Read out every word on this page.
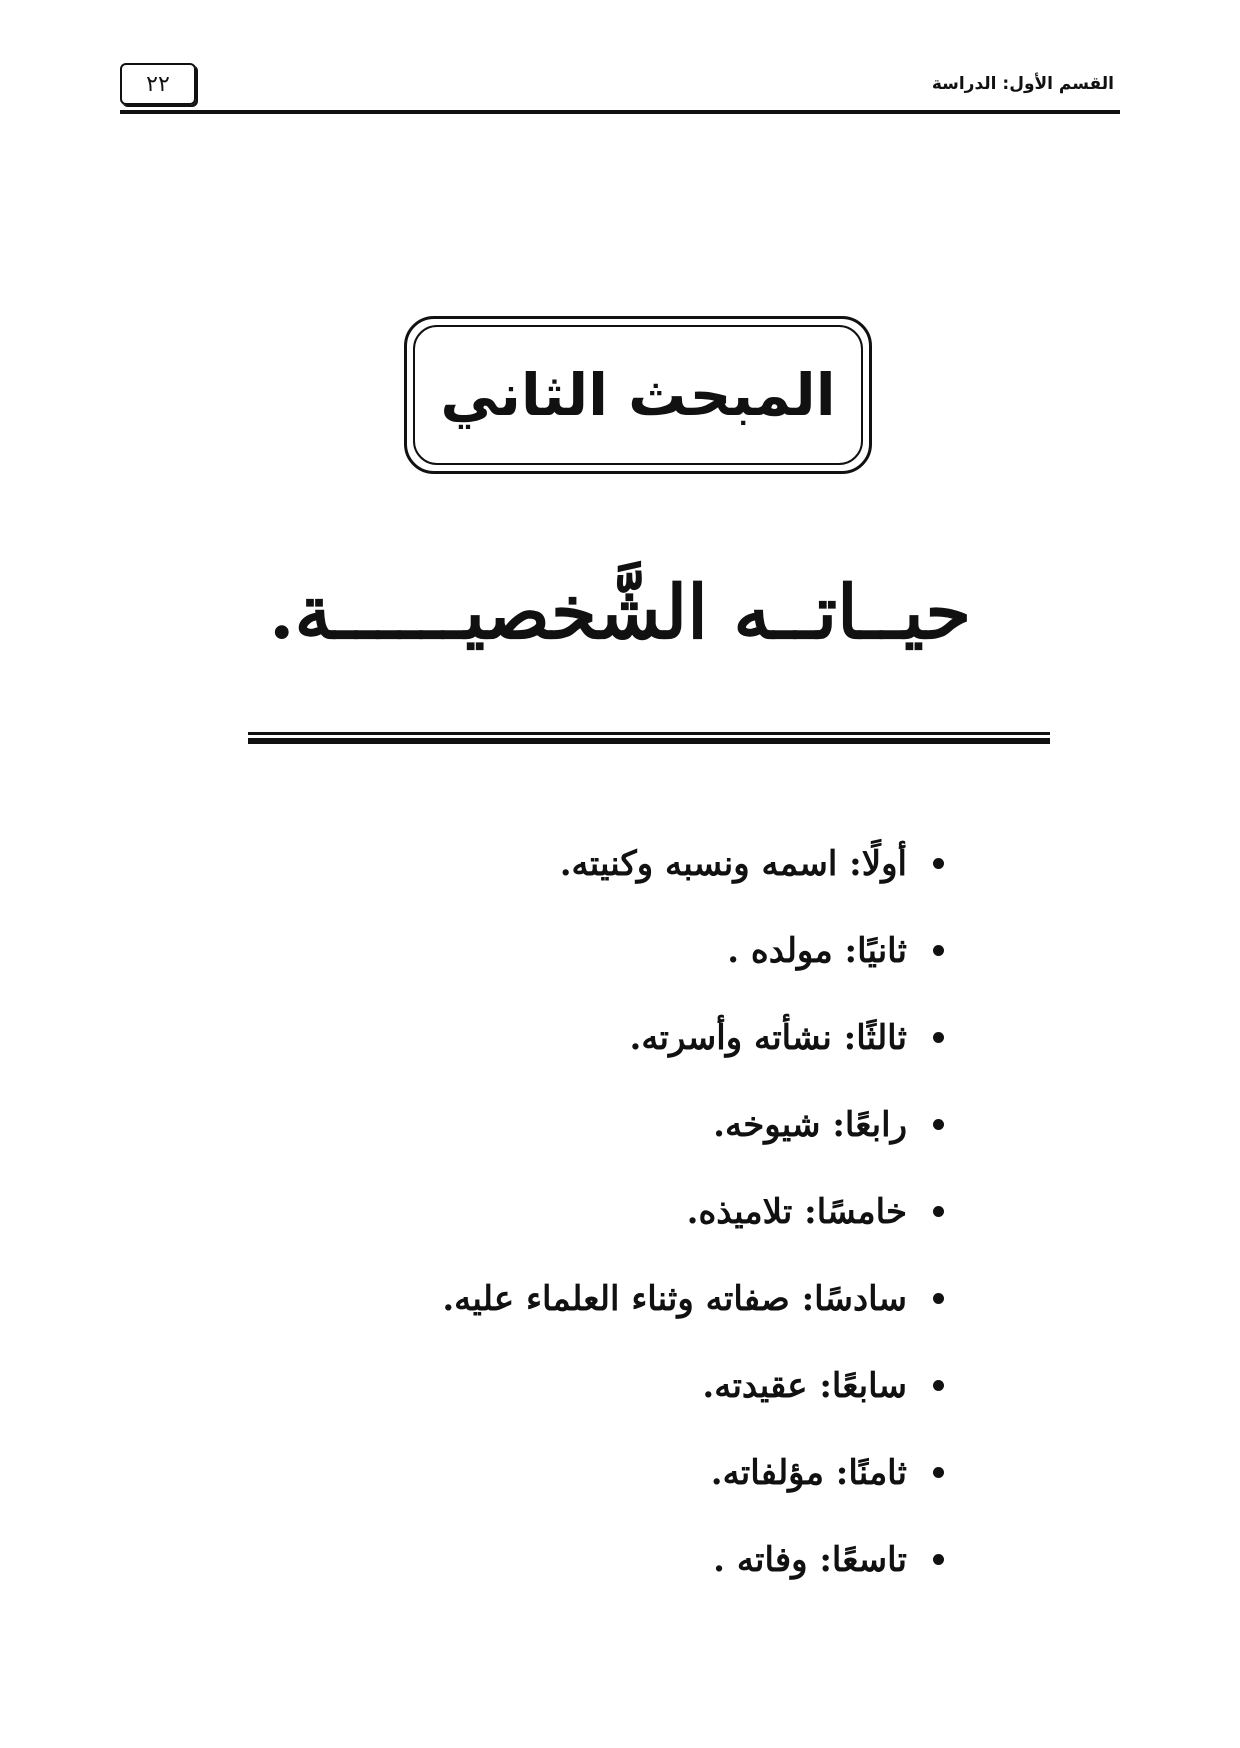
القسم الأول: الدراسة
٢٢
المبحث الثاني
حيــاتــه الشَّخصيــــــة.
أولًا: اسمه ونسبه وكنيته.
ثانيًا: مولده .
ثالثًا: نشأته وأسرته.
رابعًا: شيوخه.
خامسًا: تلاميذه.
سادسًا: صفاته وثناء العلماء عليه.
سابعًا: عقيدته.
ثامنًا: مؤلفاته.
تاسعًا: وفاته .
